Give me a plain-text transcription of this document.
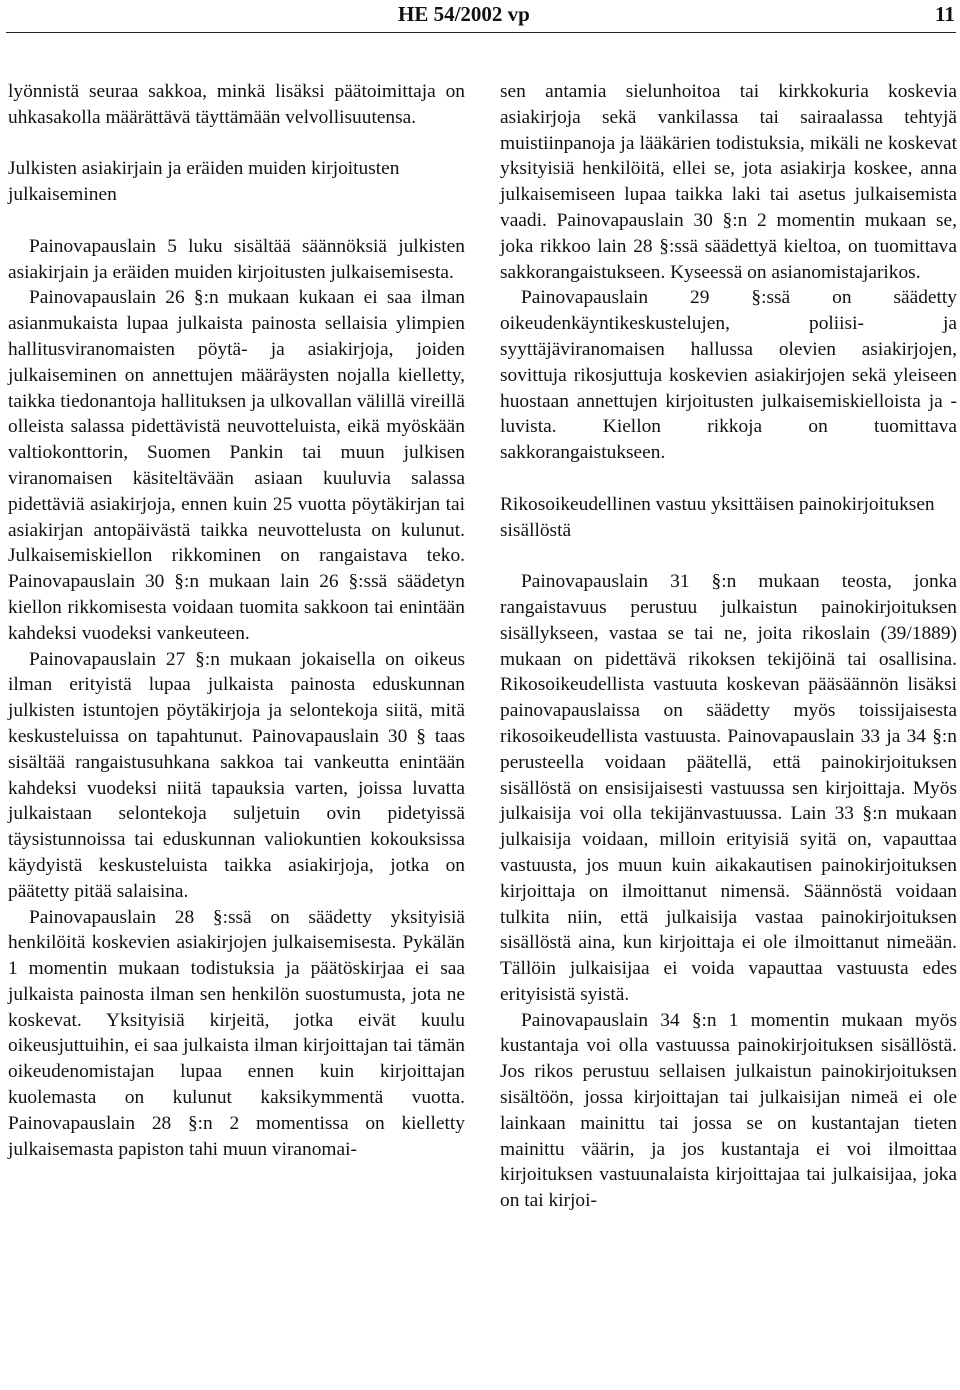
HE 54/2002 vp	11

lyönnistä seuraa sakkoa, minkä lisäksi päätoimittaja on uhkasakolla määrättävä täyttämään velvollisuutensa.

Julkisten asiakirjain ja eräiden muiden kirjoitusten julkaiseminen

Painovapauslain 5 luku sisältää säännöksiä julkisten asiakirjain ja eräiden muiden kirjoitusten julkaisemisesta.

Painovapauslain 26 §:n mukaan kukaan ei saa ilman asianmukaista lupaa julkaista painosta sellaisia ylimpien hallitusviranomaisten pöytä- ja asiakirjoja, joiden julkaiseminen on annettujen määräysten nojalla kielletty, taikka tiedonantoja hallituksen ja ulkovallan välillä vireillä olleista salassa pidettävistä neuvotteluista, eikä myöskään valtiokonttorin, Suomen Pankin tai muun julkisen viranomaisen käsiteltävään asiaan kuuluvia salassa pidettäviä asiakirjoja, ennen kuin 25 vuotta pöytäkirjan tai asiakirjan antopäivästä taikka neuvottelusta on kulunut. Julkaisemiskiellon rikkominen on rangaistava teko. Painovapauslain 30 §:n mukaan lain 26 §:ssä säädetyn kiellon rikkomisesta voidaan tuomita sakkoon tai enintään kahdeksi vuodeksi vankeuteen.

Painovapauslain 27 §:n mukaan jokaisella on oikeus ilman erityistä lupaa julkaista painosta eduskunnan julkisten istuntojen pöytäkirjoja ja selontekoja siitä, mitä keskusteluissa on tapahtunut. Painovapauslain 30 § taas sisältää rangaistusuhkana sakkoa tai vankeutta enintään kahdeksi vuodeksi niitä tapauksia varten, joissa luvatta julkaistaan selontekoja suljetuin ovin pidetyissä täysistunnoissa tai eduskunnan valiokuntien kokouksissa käydyistä keskusteluista taikka asiakirjoja, jotka on päätetty pitää salaisina.

Painovapauslain 28 §:ssä on säädetty yksityisiä henkilöitä koskevien asiakirjojen julkaisemisesta. Pykälän 1 momentin mukaan todistuksia ja päätöskirjaa ei saa julkaista painosta ilman sen henkilön suostumusta, jota ne koskevat. Yksityisiä kirjeitä, jotka eivät kuulu oikeusjuttuihin, ei saa julkaista ilman kirjoittajan tai tämän oikeudenomistajan lupaa ennen kuin kirjoittajan kuolemasta on kulunut kaksikymmentä vuotta. Painovapauslain 28 §:n 2 momentissa on kielletty julkaisemasta papiston tahi muun viranomai-

sen antamia sielunhoitoa tai kirkkokuria koskevia asiakirjoja sekä vankilassa tai sairaalassa tehtyjä muistiinpanoja ja lääkärien todistuksia, mikäli ne koskevat yksityisiä henkilöitä, ellei se, jota asiakirja koskee, anna julkaisemiseen lupaa taikka laki tai asetus julkaisemista vaadi. Painovapauslain 30 §:n 2 momentin mukaan se, joka rikkoo lain 28 §:ssä säädettyä kieltoa, on tuomittava sakkorangaistukseen. Kyseessä on asianomistajarikos.

Painovapauslain 29 §:ssä on säädetty oikeudenkäyntikeskustelujen, poliisi- ja syyttäjäviranomaisen hallussa olevien asiakirjojen, sovittuja rikosjuttuja koskevien asiakirjojen sekä yleiseen huostaan annettujen kirjoitusten julkaisemiskielloista ja -luvista. Kiellon rikkoja on tuomittava sakkorangaistukseen.

Rikosoikeudellinen vastuu yksittäisen painokirjoituksen sisällöstä

Painovapauslain 31 §:n mukaan teosta, jonka rangaistavuus perustuu julkaistun painokirjoituksen sisällykseen, vastaa se tai ne, joita rikoslain (39/1889) mukaan on pidettävä rikoksen tekijöinä tai osallisina. Rikosoikeudellista vastuuta koskevan pääsäännön lisäksi painovapauslaissa on säädetty myös toissijaisesta rikosoikeudellista vastuusta. Painovapauslain 33 ja 34 §:n perusteella voidaan päätellä, että painokirjoituksen sisällöstä on ensisijaisesti vastuussa sen kirjoittaja. Myös julkaisija voi olla tekijänvastuussa. Lain 33 §:n mukaan julkaisija voidaan, milloin erityisiä syitä on, vapauttaa vastuusta, jos muun kuin aikakautisen painokirjoituksen kirjoittaja on ilmoittanut nimensä. Säännöstä voidaan tulkita niin, että julkaisija vastaa painokirjoituksen sisällöstä aina, kun kirjoittaja ei ole ilmoittanut nimeään. Tällöin julkaisijaa ei voida vapauttaa vastuusta edes erityisistä syistä.

Painovapauslain 34 §:n 1 momentin mukaan myös kustantaja voi olla vastuussa painokirjoituksen sisällöstä. Jos rikos perustuu sellaisen julkaistun painokirjoituksen sisältöön, jossa kirjoittajan tai julkaisijan nimeä ei ole lainkaan mainittu tai jossa se on kustantajan tieten mainittu väärin, ja jos kustantaja ei voi ilmoittaa kirjoituksen vastuunalaista kirjoittajaa tai julkaisijaa, joka on tai kirjoi-
